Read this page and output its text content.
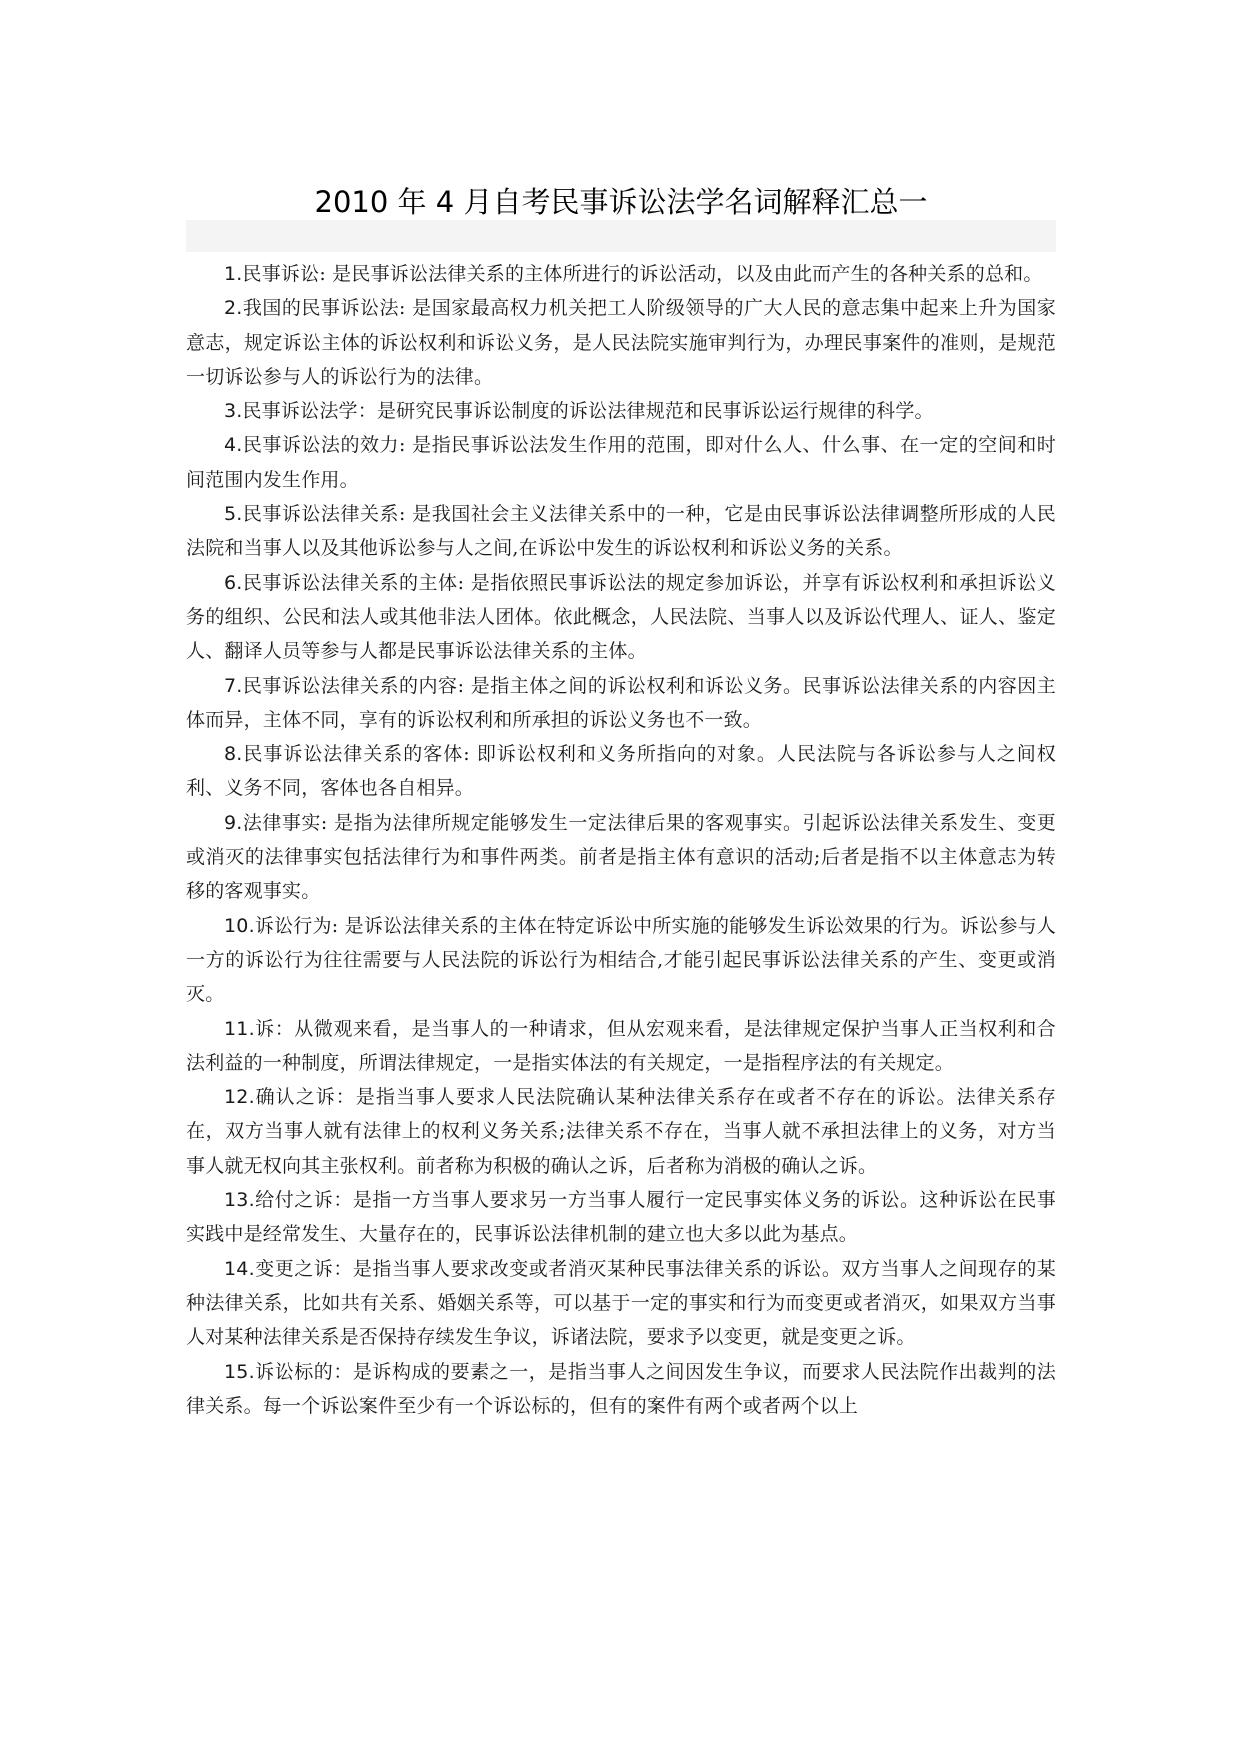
2010 年 4 月自考民事诉讼法学名词解释汇总一

1.民事诉讼: 是民事诉讼法律关系的主体所进行的诉讼活动，以及由此而产生的各种关系的总和。

2.我国的民事诉讼法: 是国家最高权力机关把工人阶级领导的广大人民的意志集中起来上升为国家意志，规定诉讼主体的诉讼权利和诉讼义务，是人民法院实施审判行为，办理民事案件的准则，是规范一切诉讼参与人的诉讼行为的法律。

3.民事诉讼法学：是研究民事诉讼制度的诉讼法律规范和民事诉讼运行规律的科学。

4.民事诉讼法的效力: 是指民事诉讼法发生作用的范围，即对什么人、什么事、在一定的空间和时间范围内发生作用。

5.民事诉讼法律关系: 是我国社会主义法律关系中的一种，它是由民事诉讼法律调整所形成的人民法院和当事人以及其他诉讼参与人之间,在诉讼中发生的诉讼权利和诉讼义务的关系。

6.民事诉讼法律关系的主体: 是指依照民事诉讼法的规定参加诉讼，并享有诉讼权利和承担诉讼义务的组织、公民和法人或其他非法人团体。依此概念，人民法院、当事人以及诉讼代理人、证人、鉴定人、翻译人员等参与人都是民事诉讼法律关系的主体。

7.民事诉讼法律关系的内容: 是指主体之间的诉讼权利和诉讼义务。民事诉讼法律关系的内容因主体而异，主体不同，享有的诉讼权利和所承担的诉讼义务也不一致。

8.民事诉讼法律关系的客体: 即诉讼权利和义务所指向的对象。人民法院与各诉讼参与人之间权利、义务不同，客体也各自相异。

9.法律事实: 是指为法律所规定能够发生一定法律后果的客观事实。引起诉讼法律关系发生、变更或消灭的法律事实包括法律行为和事件两类。前者是指主体有意识的活动;后者是指不以主体意志为转移的客观事实。

10.诉讼行为: 是诉讼法律关系的主体在特定诉讼中所实施的能够发生诉讼效果的行为。诉讼参与人一方的诉讼行为往往需要与人民法院的诉讼行为相结合,才能引起民事诉讼法律关系的产生、变更或消灭。

11.诉：从微观来看，是当事人的一种请求，但从宏观来看，是法律规定保护当事人正当权利和合法利益的一种制度，所谓法律规定，一是指实体法的有关规定，一是指程序法的有关规定。

12.确认之诉：是指当事人要求人民法院确认某种法律关系存在或者不存在的诉讼。法律关系存在，双方当事人就有法律上的权利义务关系;法律关系不存在，当事人就不承担法律上的义务，对方当事人就无权向其主张权利。前者称为积极的确认之诉，后者称为消极的确认之诉。

13.给付之诉：是指一方当事人要求另一方当事人履行一定民事实体义务的诉讼。这种诉讼在民事实践中是经常发生、大量存在的，民事诉讼法律机制的建立也大多以此为基点。

14.变更之诉：是指当事人要求改变或者消灭某种民事法律关系的诉讼。双方当事人之间现存的某种法律关系，比如共有关系、婚姻关系等，可以基于一定的事实和行为而变更或者消灭，如果双方当事人对某种法律关系是否保持存续发生争议，诉诸法院，要求予以变更，就是变更之诉。

15.诉讼标的：是诉构成的要素之一，是指当事人之间因发生争议，而要求人民法院作出裁判的法律关系。每一个诉讼案件至少有一个诉讼标的，但有的案件有两个或者两个以上
